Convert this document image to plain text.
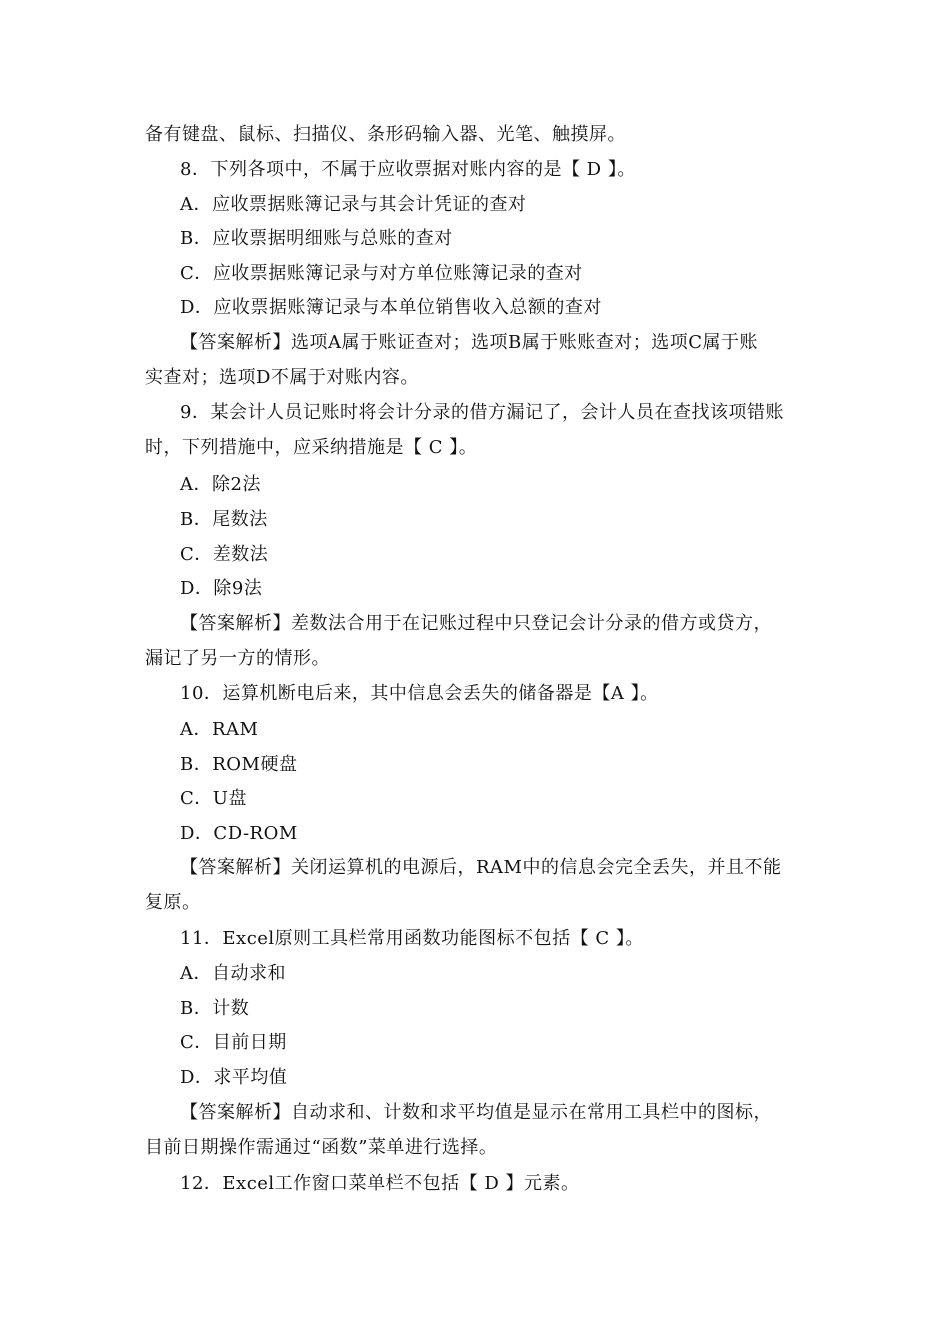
备有键盘、鼠标、扫描仪、条形码输入器、光笔、触摸屏。
8．下列各项中，不属于应收票据对账内容的是【 D 】。
A．应收票据账簿记录与其会计凭证的查对
B．应收票据明细账与总账的查对
C．应收票据账簿记录与对方单位账簿记录的查对
D．应收票据账簿记录与本单位销售收入总额的查对
【答案解析】选项A属于账证查对；选项B属于账账查对；选项C属于账
实查对；选项D不属于对账内容。
9．某会计人员记账时将会计分录的借方漏记了，会计人员在查找该项错账
时，下列措施中，应采纳措施是【 C 】。
A．除2法
B．尾数法
C．差数法
D．除9法
【答案解析】差数法合用于在记账过程中只登记会计分录的借方或贷方，
漏记了另一方的情形。
10．运算机断电后来，其中信息会丢失的储备器是【A 】。
A．RAM
B．ROM硬盘
C．U盘
D．CD-ROM
【答案解析】关闭运算机的电源后，RAM中的信息会完全丢失，并且不能
复原。
11．Excel原则工具栏常用函数功能图标不包括【 C 】。
A．自动求和
B．计数
C．目前日期
D．求平均值
【答案解析】自动求和、计数和求平均值是显示在常用工具栏中的图标，
目前日期操作需通过“函数”菜单进行选择。
12．Excel工作窗口菜单栏不包括【 D 】元素。
